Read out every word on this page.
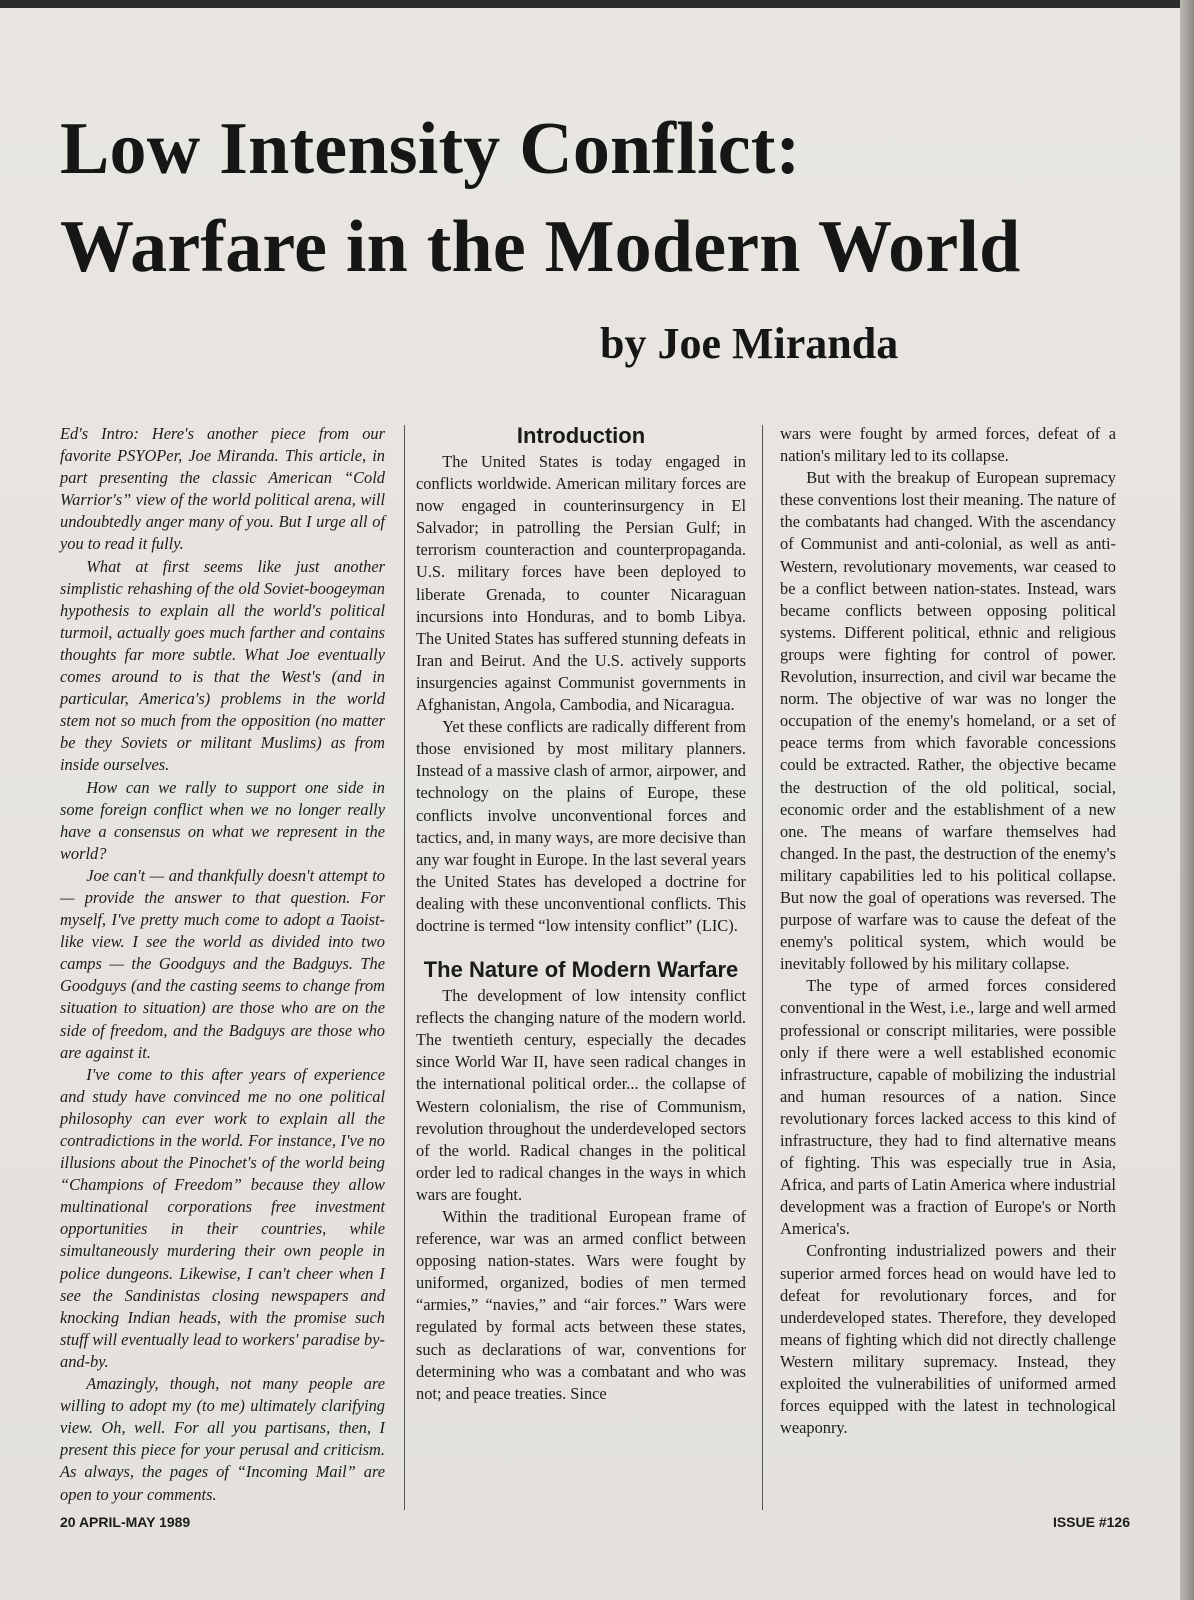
Low Intensity Conflict:
Warfare in the Modern World
by Joe Miranda

Ed's Intro: Here's another piece from our favorite PSYOPer, Joe Miranda. This article, in part presenting the classic American “Cold Warrior's” view of the world political arena, will undoubtedly anger many of you. But I urge all of you to read it fully.

What at first seems like just another simplistic rehashing of the old Soviet-boogeyman hypothesis to explain all the world's political turmoil, actually goes much farther and contains thoughts far more subtle. What Joe eventually comes around to is that the West's (and in particular, America's) problems in the world stem not so much from the opposition (no matter be they Soviets or militant Muslims) as from inside ourselves.

How can we rally to support one side in some foreign conflict when we no longer really have a consensus on what we represent in the world?

Joe can't — and thankfully doesn't attempt to — provide the answer to that question. For myself, I've pretty much come to adopt a Taoist-like view. I see the world as divided into two camps — the Goodguys and the Badguys. The Goodguys (and the casting seems to change from situation to situation) are those who are on the side of freedom, and the Badguys are those who are against it.

I've come to this after years of experience and study have convinced me no one political philosophy can ever work to explain all the contradictions in the world. For instance, I've no illusions about the Pinochet's of the world being “Champions of Freedom” because they allow multinational corporations free investment opportunities in their countries, while simultaneously murdering their own people in police dungeons. Likewise, I can't cheer when I see the Sandinistas closing newspapers and knocking Indian heads, with the promise such stuff will eventually lead to workers' paradise by-and-by.

Amazingly, though, not many people are willing to adopt my (to me) ultimately clarifying view. Oh, well. For all you partisans, then, I present this piece for your perusal and criticism. As always, the pages of “Incoming Mail” are open to your comments.

Introduction

The United States is today engaged in conflicts worldwide. American military forces are now engaged in counterinsurgency in El Salvador; in patrolling the Persian Gulf; in terrorism counteraction and counterpropaganda. U.S. military forces have been deployed to liberate Grenada, to counter Nicaraguan incursions into Honduras, and to bomb Libya. The United States has suffered stunning defeats in Iran and Beirut. And the U.S. actively supports insurgencies against Communist governments in Afghanistan, Angola, Cambodia, and Nicaragua.

Yet these conflicts are radically different from those envisioned by most military planners. Instead of a massive clash of armor, airpower, and technology on the plains of Europe, these conflicts involve unconventional forces and tactics, and, in many ways, are more decisive than any war fought in Europe. In the last several years the United States has developed a doctrine for dealing with these unconventional conflicts. This doctrine is termed “low intensity conflict” (LIC).

The Nature of Modern Warfare

The development of low intensity conflict reflects the changing nature of the modern world. The twentieth century, especially the decades since World War II, have seen radical changes in the international political order... the collapse of Western colonialism, the rise of Communism, revolution throughout the underdeveloped sectors of the world. Radical changes in the political order led to radical changes in the ways in which wars are fought.

Within the traditional European frame of reference, war was an armed conflict between opposing nation-states. Wars were fought by uniformed, organized, bodies of men termed “armies,” “navies,” and “air forces.” Wars were regulated by formal acts between these states, such as declarations of war, conventions for determining who was a combatant and who was not; and peace treaties. Since

wars were fought by armed forces, defeat of a nation's military led to its collapse.

But with the breakup of European supremacy these conventions lost their meaning. The nature of the combatants had changed. With the ascendancy of Communist and anti-colonial, as well as anti-Western, revolutionary movements, war ceased to be a conflict between nation-states. Instead, wars became conflicts between opposing political systems. Different political, ethnic and religious groups were fighting for control of power. Revolution, insurrection, and civil war became the norm. The objective of war was no longer the occupation of the enemy's homeland, or a set of peace terms from which favorable concessions could be extracted. Rather, the objective became the destruction of the old political, social, economic order and the establishment of a new one. The means of warfare themselves had changed. In the past, the destruction of the enemy's military capabilities led to his political collapse. But now the goal of operations was reversed. The purpose of warfare was to cause the defeat of the enemy's political system, which would be inevitably followed by his military collapse.

The type of armed forces considered conventional in the West, i.e., large and well armed professional or conscript militaries, were possible only if there were a well established economic infrastructure, capable of mobilizing the industrial and human resources of a nation. Since revolutionary forces lacked access to this kind of infrastructure, they had to find alternative means of fighting. This was especially true in Asia, Africa, and parts of Latin America where industrial development was a fraction of Europe's or North America's.

Confronting industrialized powers and their superior armed forces head on would have led to defeat for revolutionary forces, and for underdeveloped states. Therefore, they developed means of fighting which did not directly challenge Western military supremacy. Instead, they exploited the vulnerabilities of uniformed armed forces equipped with the latest in technological weaponry.

20 APRIL-MAY 1989	ISSUE #126
